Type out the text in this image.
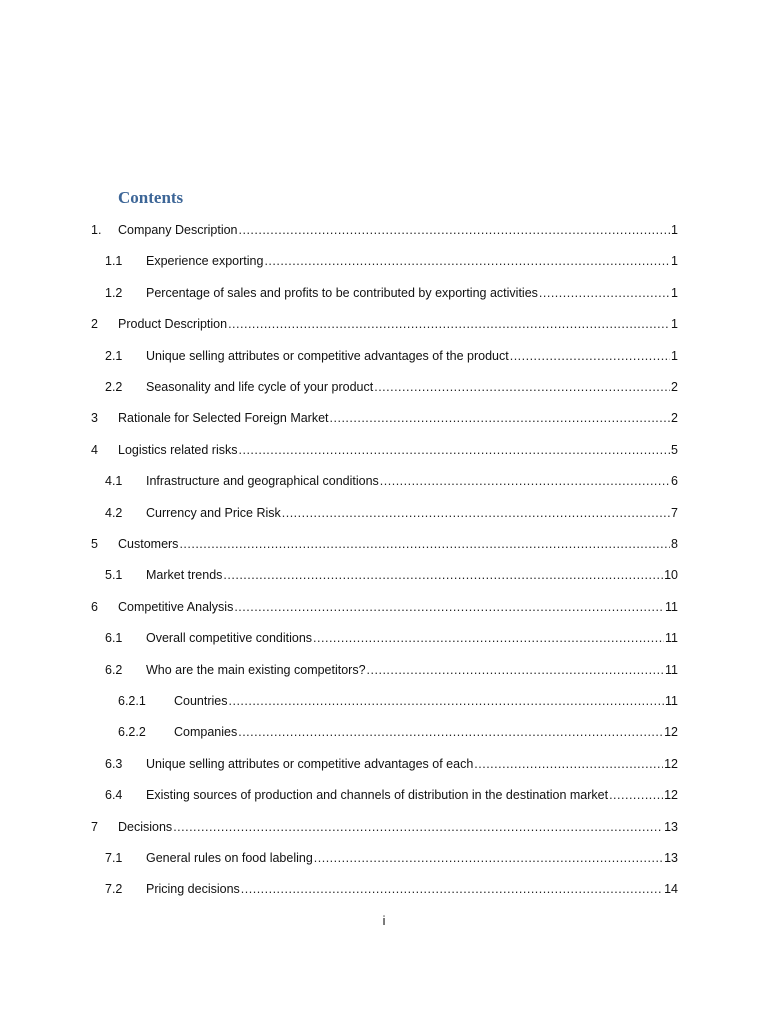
Contents
1. Company Description .....	1
1.1 Experience exporting .....	1
1.2 Percentage of sales and profits to be contributed by exporting activities .....	1
2 Product Description .....	1
2.1 Unique selling attributes or competitive advantages of the product .....	1
2.2 Seasonality and life cycle of your product .....	2
3 Rationale for Selected Foreign Market .....	2
4 Logistics related risks .....	5
4.1 Infrastructure and geographical conditions .....	6
4.2 Currency and Price Risk .....	7
5 Customers .....	8
5.1 Market trends .....	10
6 Competitive Analysis .....	11
6.1 Overall competitive conditions .....	11
6.2 Who are the main existing competitors? .....	11
6.2.1 Countries .....	11
6.2.2 Companies .....	12
6.3 Unique selling attributes or competitive advantages of each .....	12
6.4 Existing sources of production and channels of distribution in the destination market .....	12
7 Decisions .....	13
7.1 General rules on food labeling .....	13
7.2 Pricing decisions .....	14
i
